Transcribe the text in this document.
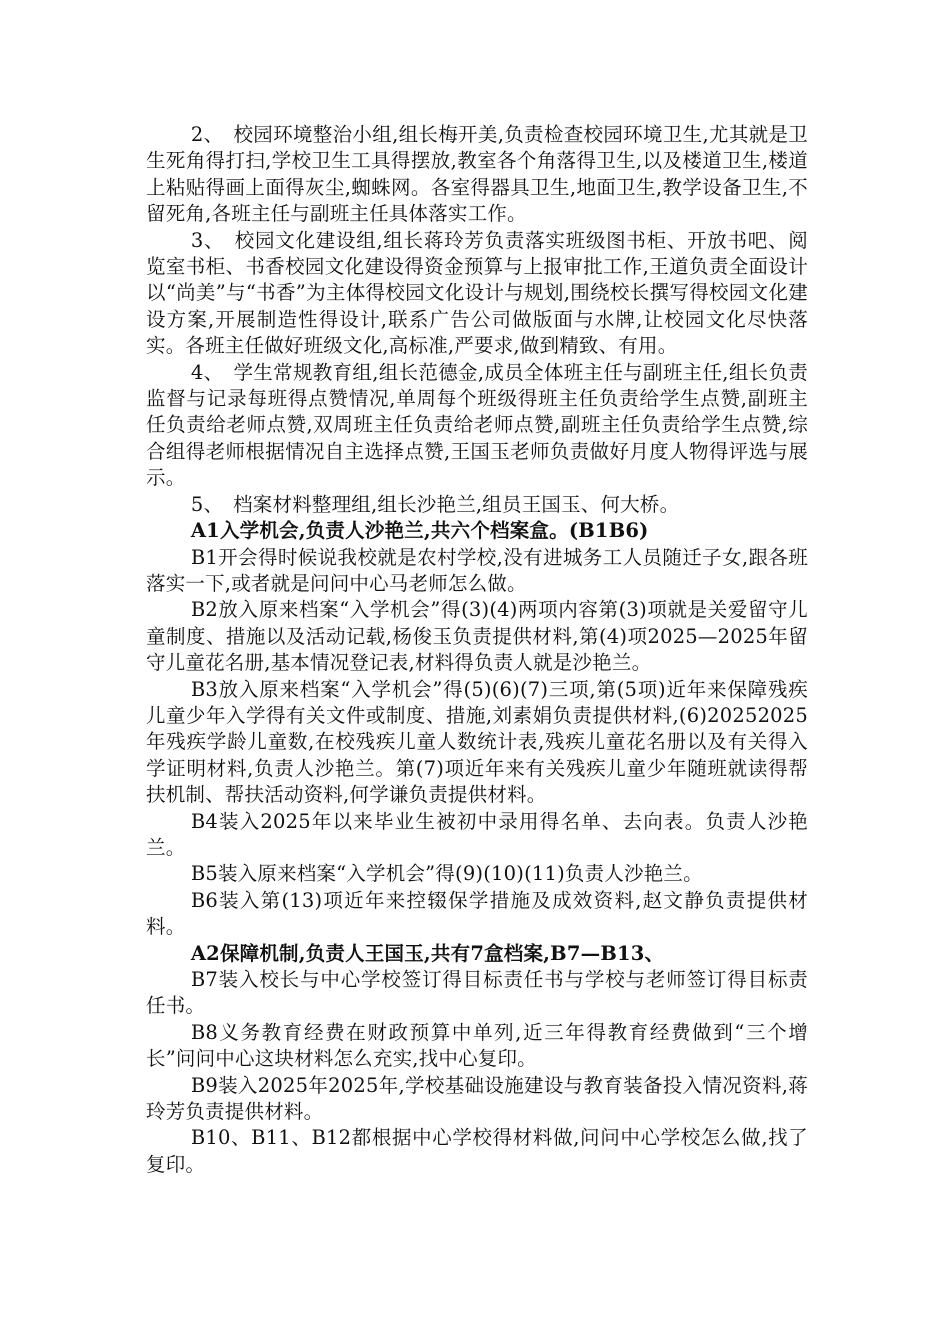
2、　校园环境整治小组,组长梅开美,负责检查校园环境卫生,尤其就是卫生死角得打扫,学校卫生工具得摆放,教室各个角落得卫生,以及楼道卫生,楼道上粘贴得画上面得灰尘,蜘蛛网。各室得器具卫生,地面卫生,教学设备卫生,不留死角,各班主任与副班主任具体落实工作。

3、　校园文化建设组,组长蒋玲芳负责落实班级图书柜、开放书吧、阅览室书柜、书香校园文化建设得资金预算与上报审批工作,王道负责全面设计以“尚美”与“书香”为主体得校园文化设计与规划,围绕校长撰写得校园文化建设方案,开展制造性得设计,联系广告公司做版面与水牌,让校园文化尽快落实。各班主任做好班级文化,高标准,严要求,做到精致、有用。

4、　学生常规教育组,组长范德金,成员全体班主任与副班主任,组长负责监督与记录每班得点赞情况,单周每个班级得班主任负责给学生点赞,副班主任负责给老师点赞,双周班主任负责给老师点赞,副班主任负责给学生点赞,综合组得老师根据情况自主选择点赞,王国玉老师负责做好月度人物得评选与展示。

5、　档案材料整理组,组长沙艳兰,组员王国玉、何大桥。

A1入学机会,负责人沙艳兰,共六个档案盒。(B1B6)

B1开会得时候说我校就是农村学校,没有进城务工人员随迁子女,跟各班落实一下,或者就是问问中心马老师怎么做。

B2放入原来档案“入学机会”得(3)(4)两项内容第(3)项就是关爱留守儿童制度、措施以及活动记载,杨俊玉负责提供材料,第(4)项2025—2025年留守儿童花名册,基本情况登记表,材料得负责人就是沙艳兰。

B3放入原来档案“入学机会”得(5)(6)(7)三项,第(5项)近年来保障残疾儿童少年入学得有关文件或制度、措施,刘素娟负责提供材料,(6)20252025年残疾学龄儿童数,在校残疾儿童人数统计表,残疾儿童花名册以及有关得入学证明材料,负责人沙艳兰。第(7)项近年来有关残疾儿童少年随班就读得帮扶机制、帮扶活动资料,何学谦负责提供材料。

B4装入2025年以来毕业生被初中录用得名单、去向表。负责人沙艳兰。

B5装入原来档案“入学机会”得(9)(10)(11)负责人沙艳兰。

B6装入第(13)项近年来控辍保学措施及成效资料,赵文静负责提供材料。

A2保障机制,负责人王国玉,共有7盒档案,B7—B13、

B7装入校长与中心学校签订得目标责任书与学校与老师签订得目标责任书。

B8义务教育经费在财政预算中单列,近三年得教育经费做到“三个增长”问问中心这块材料怎么充实,找中心复印。

B9装入2025年2025年,学校基础设施建设与教育装备投入情况资料,蒋玲芳负责提供材料。

B10、B11、B12都根据中心学校得材料做,问问中心学校怎么做,找了复印。
